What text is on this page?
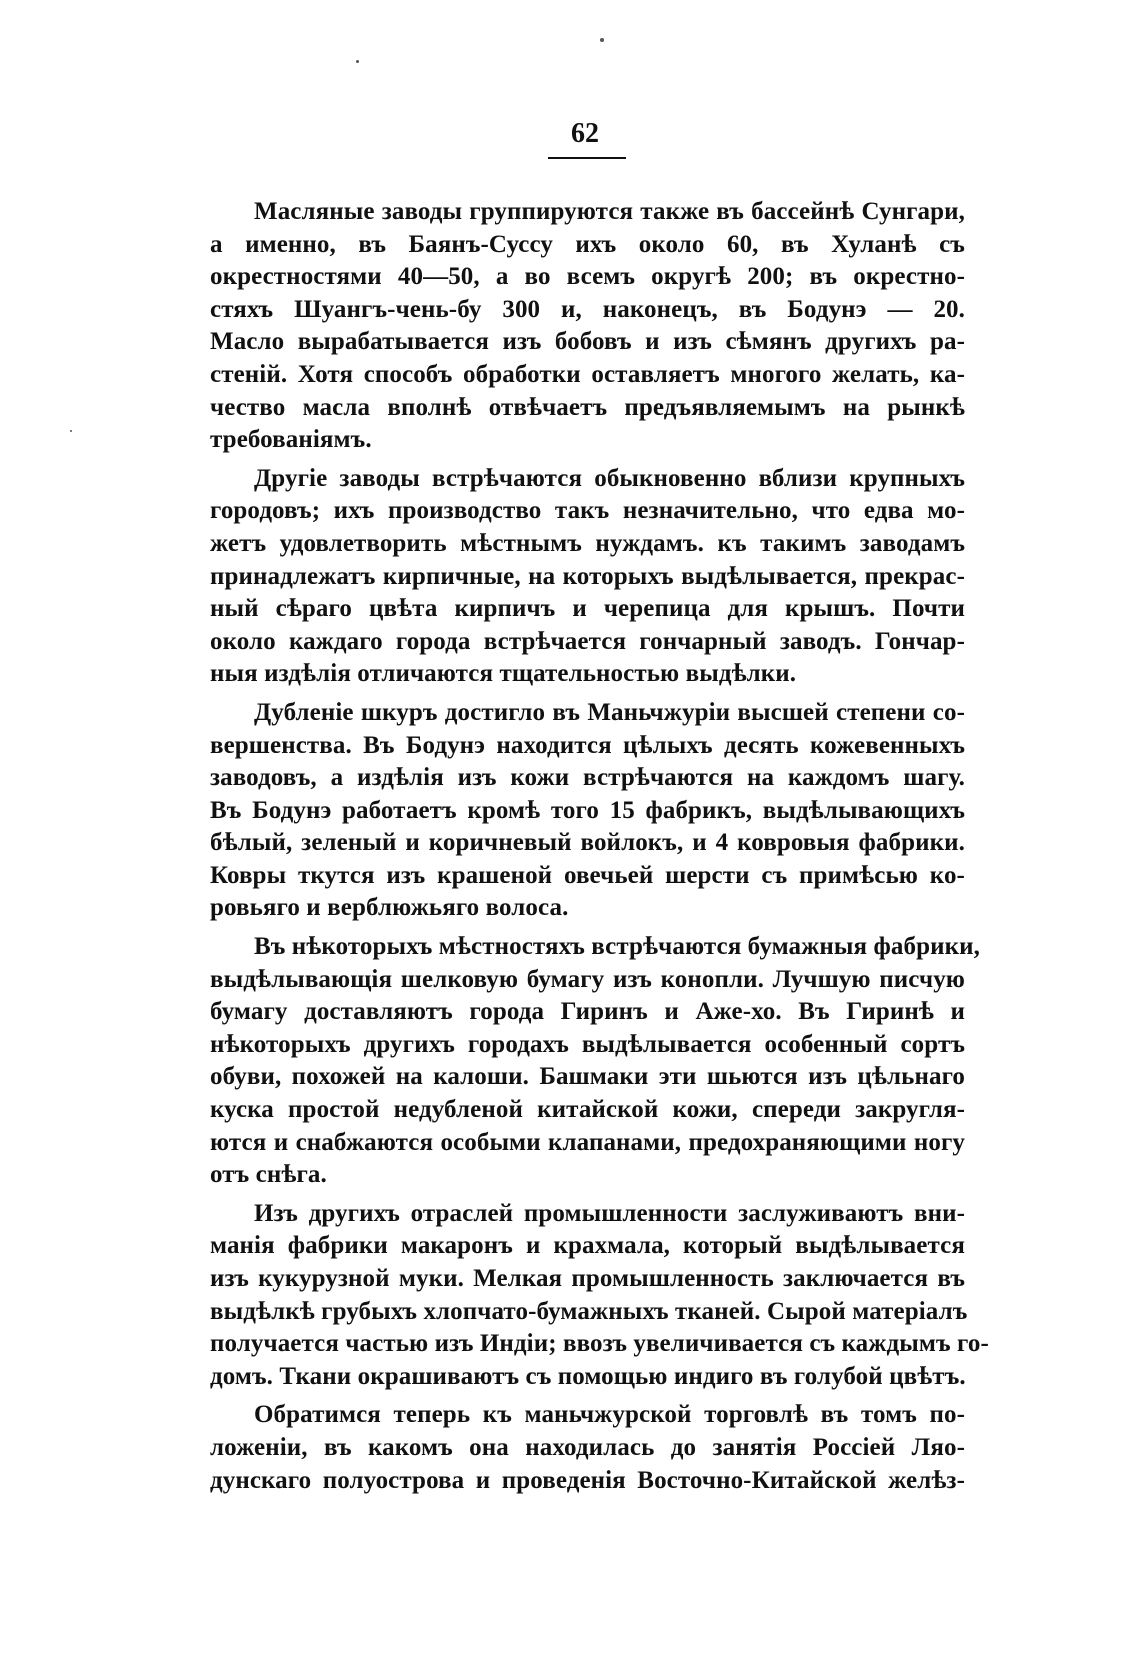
62
Масляные заводы группируются также въ бассейнѣ Сунгари,
а именно, въ Баянъ-Суссу ихъ около 60, въ Хуланѣ съ
окрестностями 40—50, а во всемъ округѣ 200; въ окрестно-
стяхъ Шуангъ-чень-бу 300 и, наконецъ, въ Бодунэ — 20.
Масло вырабатывается изъ бобовъ и изъ сѣмянъ другихъ ра-
стеній. Хотя способъ обработки оставляетъ многого желать, ка-
чество масла вполнѣ отвѣчаетъ предъявляемымъ на рынкѣ
требованіямъ.
Другіе заводы встрѣчаются обыкновенно вблизи крупныхъ
городовъ; ихъ производство такъ незначительно, что едва мо-
жетъ удовлетворить мѣстнымъ нуждамъ. къ такимъ заводамъ
принадлежатъ кирпичные, на которыхъ выдѣлывается, прекрас-
ный сѣраго цвѣта кирпичъ и черепица для крышъ. Почти
около каждаго города встрѣчается гончарный заводъ. Гончар-
ныя издѣлія отличаются тщательностью выдѣлки.
Дубленіе шкуръ достигло въ Маньчжуріи высшей степени со-
вершенства. Въ Бодунэ находится цѣлыхъ десять кожевенныхъ
заводовъ, а издѣлія изъ кожи встрѣчаются на каждомъ шагу.
Въ Бодунэ работаетъ кромѣ того 15 фабрикъ, выдѣлывающихъ
бѣлый, зеленый и коричневый войлокъ, и 4 ковровыя фабрики.
Ковры ткутся изъ крашеной овечьей шерсти съ примѣсью ко-
ровьяго и верблюжьяго волоса.
Въ нѣкоторыхъ мѣстностяхъ встрѣчаются бумажныя фабрики,
выдѣлывающія шелковую бумагу изъ конопли. Лучшую писчую
бумагу доставляютъ города Гиринъ и Аже-хо. Въ Гиринѣ и
нѣкоторыхъ другихъ городахъ выдѣлывается особенный сортъ
обуви, похожей на калоши. Башмаки эти шьются изъ цѣльнаго
куска простой недубленой китайской кожи, спереди закругля-
ются и снабжаются особыми клапанами, предохраняющими ногу
отъ снѣга.
Изъ другихъ отраслей промышленности заслуживаютъ вни-
манія фабрики макаронъ и крахмала, который выдѣлывается
изъ кукурузной муки. Мелкая промышленность заключается въ
выдѣлкѣ грубыхъ хлопчато-бумажныхъ тканей. Сырой матеріалъ
получается частью изъ Индіи; ввозъ увеличивается съ каждымъ го-
домъ. Ткани окрашиваютъ съ помощью индиго въ голубой цвѣтъ.
Обратимся теперь къ маньчжурской торговлѣ въ томъ по-
ложеніи, въ какомъ она находилась до занятія Россіей Ляо-
дунскаго полуострова и проведенія Восточно-Китайской желѣз-
